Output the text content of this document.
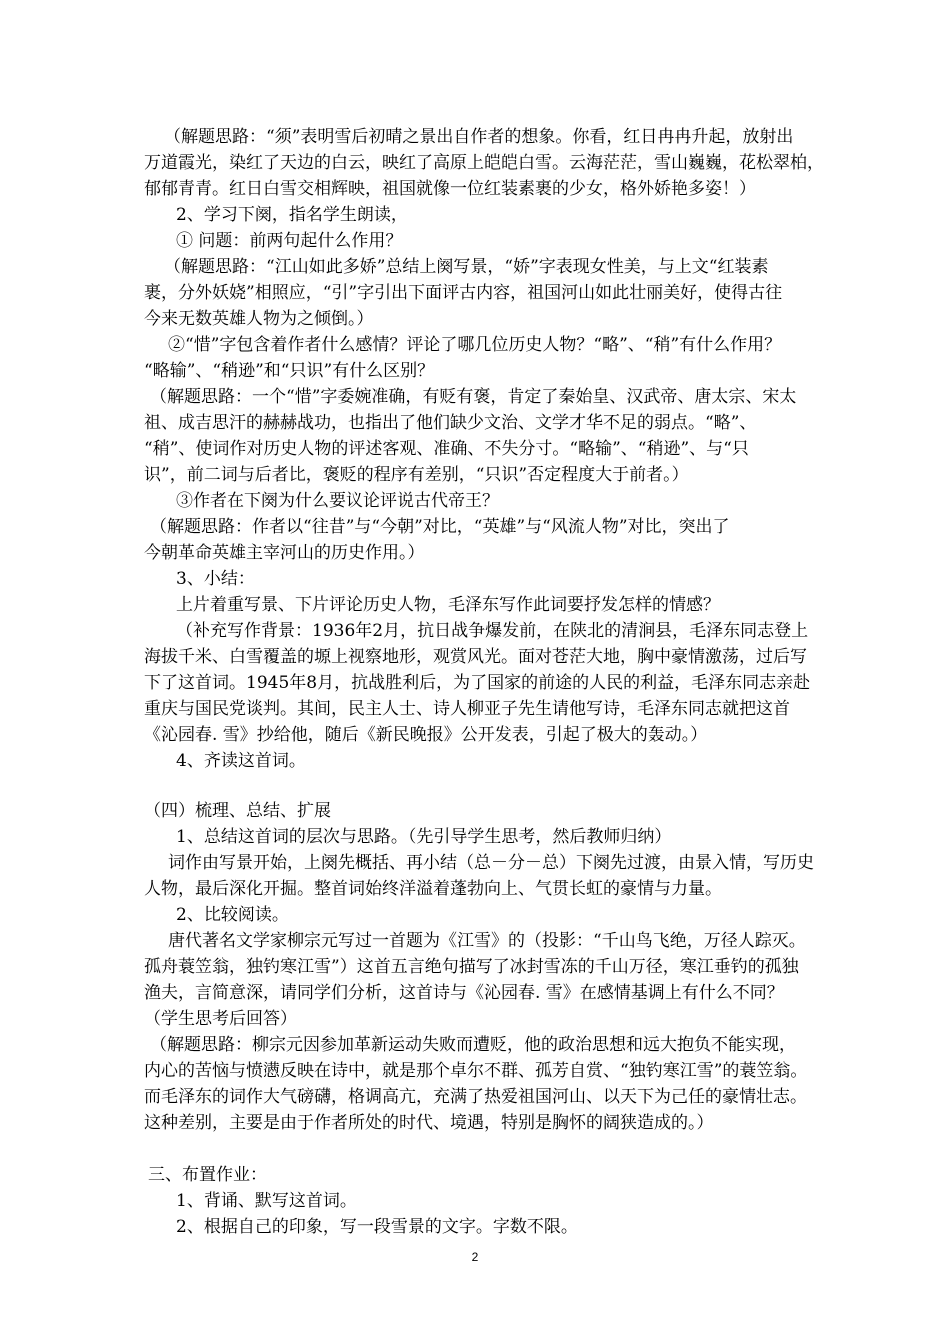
（解题思路：“须”表明雪后初晴之景出自作者的想象。你看，红日冉冉升起，放射出
万道霞光，染红了天边的白云，映红了高原上皑皑白雪。云海茫茫，雪山巍巍，花松翠柏，
郁郁青青。红日白雪交相辉映，祖国就像一位红装素裹的少女，格外娇艳多姿！）
2、学习下阕，指名学生朗读，
① 问题：前两句起什么作用？
（解题思路：“江山如此多娇”总结上阕写景，“娇”字表现女性美，与上文“红装素
裹，分外妖娆”相照应，“引”字引出下面评古内容，祖国河山如此壮丽美好，使得古往
今来无数英雄人物为之倾倒。）
②“惜”字包含着作者什么感情？评论了哪几位历史人物？“略”、“稍”有什么作用？
“略输”、“稍逊”和“只识”有什么区别？
（解题思路：一个“惜”字委婉准确，有贬有褒，肯定了秦始皇、汉武帝、唐太宗、宋太
祖、成吉思汗的赫赫战功，也指出了他们缺少文治、文学才华不足的弱点。“略”、
“稍”、使词作对历史人物的评述客观、准确、不失分寸。“略输”、“稍逊”、与“只
识”，前二词与后者比，褒贬的程序有差别，“只识”否定程度大于前者。）
③作者在下阕为什么要议论评说古代帝王？
（解题思路：作者以“往昔”与“今朝”对比，“英雄”与“风流人物”对比，突出了
今朝革命英雄主宰河山的历史作用。）
3、小结：
上片着重写景、下片评论历史人物，毛泽东写作此词要抒发怎样的情感？
（补充写作背景：1936年2月，抗日战争爆发前，在陕北的清涧县，毛泽东同志登上
海拔千米、白雪覆盖的塬上视察地形，观赏风光。面对苍茫大地，胸中豪情激荡，过后写
下了这首词。1945年8月，抗战胜利后，为了国家的前途的人民的利益，毛泽东同志亲赴
重庆与国民党谈判。其间，民主人士、诗人柳亚子先生请他写诗，毛泽东同志就把这首
《沁园春. 雪》抄给他，随后《新民晚报》公开发表，引起了极大的轰动。）
4、齐读这首词。
（四）梳理、总结、扩展
1、总结这首词的层次与思路。（先引导学生思考，然后教师归纳）
词作由写景开始，上阕先概括、再小结（总－分－总）下阕先过渡，由景入情，写历史
人物，最后深化开掘。整首词始终洋溢着蓬勃向上、气贯长虹的豪情与力量。
2、比较阅读。
唐代著名文学家柳宗元写过一首题为《江雪》的（投影：“千山鸟飞绝，万径人踪灭。
孤舟蓑笠翁，独钓寒江雪”）这首五言绝句描写了冰封雪冻的千山万径，寒江垂钓的孤独
渔夫，言简意深，请同学们分析，这首诗与《沁园春. 雪》在感情基调上有什么不同？
（学生思考后回答）
（解题思路：柳宗元因参加革新运动失败而遭贬，他的政治思想和远大抱负不能实现，
内心的苦恼与愤懑反映在诗中，就是那个卓尔不群、孤芳自赏、“独钓寒江雪”的蓑笠翁。
而毛泽东的词作大气磅礴，格调高亢，充满了热爱祖国河山、以天下为己任的豪情壮志。
这种差别，主要是由于作者所处的时代、境遇，特别是胸怀的阔狭造成的。）
三、布置作业：
1、背诵、默写这首词。
2、根据自己的印象，写一段雪景的文字。字数不限。
2
